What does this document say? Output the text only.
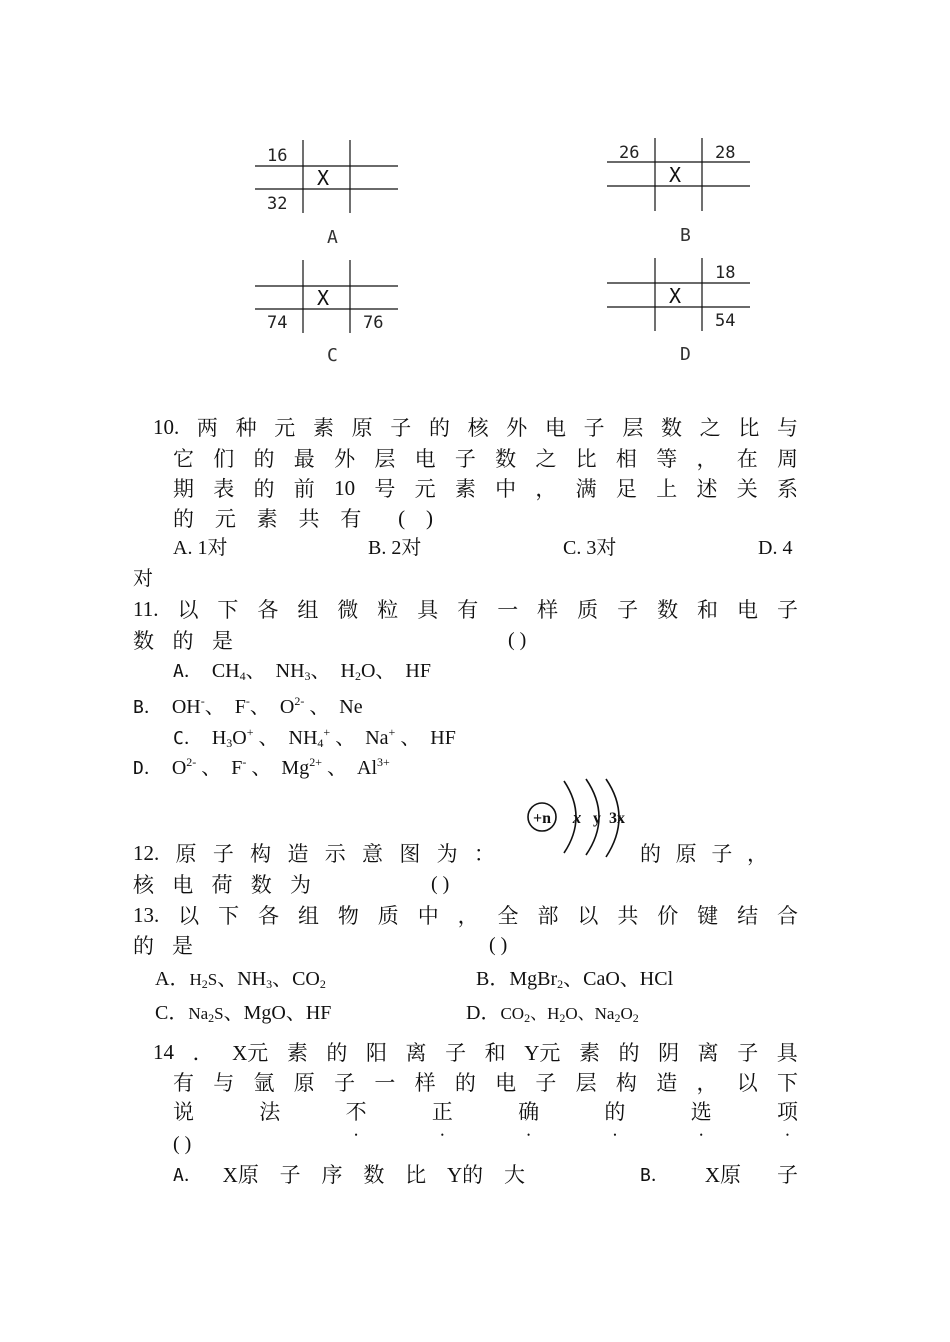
16
X
32
A
26	28
X
B
X
74	76
C
18
X
54
D
10. 两 种 元 素 原 子 的 核 外 电 子 层 数 之 比 与
它 们 的 最 外 层 电 子 数 之 比 相 等 ， 在 周
期 表 的 前 10 号 元 素 中 ， 满 足 上 述 关 系
的 元 素 共 有 ( )
A. 1对	B. 2对	C. 3对	D. 4
对
11. 以 下 各 组 微 粒 具 有 一 样 质 子 数 和 电 子
数 的 是	( )
A．  $CH_4$、  $NH_3$、  $H_2O$、  HF
B．  OH-、  F-、  $O^{2-}$ 、  Ne
C．  $H_3O^+$ 、  $NH_4^+$ 、  Na+ 、  HF
D．  $O^{2-}$ 、  F- 、  $Mg^{2+}$ 、  $Al^{3+}$
+n x y 3x
12. 原 子 构 造 示 意 图 为 ：	的 原 子 ，
核 电 荷 数 为	( )
13. 以 下 各 组 物 质 中 ， 全 部 以 共 价 键 结 合
的 是	( )
A．$H_2S$、$NH_3$、$CO_2$	B．MgBr$_2$、CaO、HCl
C．$Na_2S$、MgO、HF	D．$CO_2$、$H_2O$、$Na_2O_2$
14 ． X元 素 的 阳 离 子 和 Y元 素 的 阴 离 子 具
有 与 氩 原 子 一 样 的 电 子 层 构 造 ， 以 下
说	法	不 •	正 •	确 •	的 •	选 •	项 •
( )
A． X原 子 序 数 比 Y的 大	B． X原 子
